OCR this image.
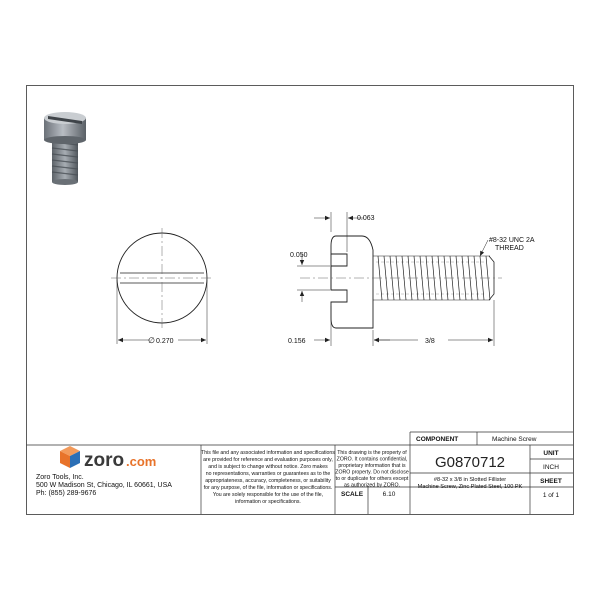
∅ 0.270
0.063
0.050
0.156	3/8
#8-32 UNC 2A
THREAD
zoro .com
Zoro Tools, Inc.
500 W Madison St, Chicago, IL 60661, USA
Ph: (855) 289-9676
COMPONENT	Machine Screw
G0870712
#8-32 x 3/8 in Slotted Fillister
Machine Screw, Zinc Plated Steel, 100 PK
SCALE	6.10
UNIT
INCH
SHEET
1 of 1
This file and any associated information and specifications
are provided for reference and evaluation purposes only,
and is subject to change without notice. Zoro makes
no representations, warranties or guarantees as to the
appropriateness, accuracy, completeness, or suitability
for any purpose, of the file, information or specifications.
You are solely responsible for the use of the file,
information or specifications.
This drawing is the property of
ZORO. It contains confidential,
proprietary information that is
ZORO property. Do not disclose
to or duplicate for others except
as authorized by ZORO.
